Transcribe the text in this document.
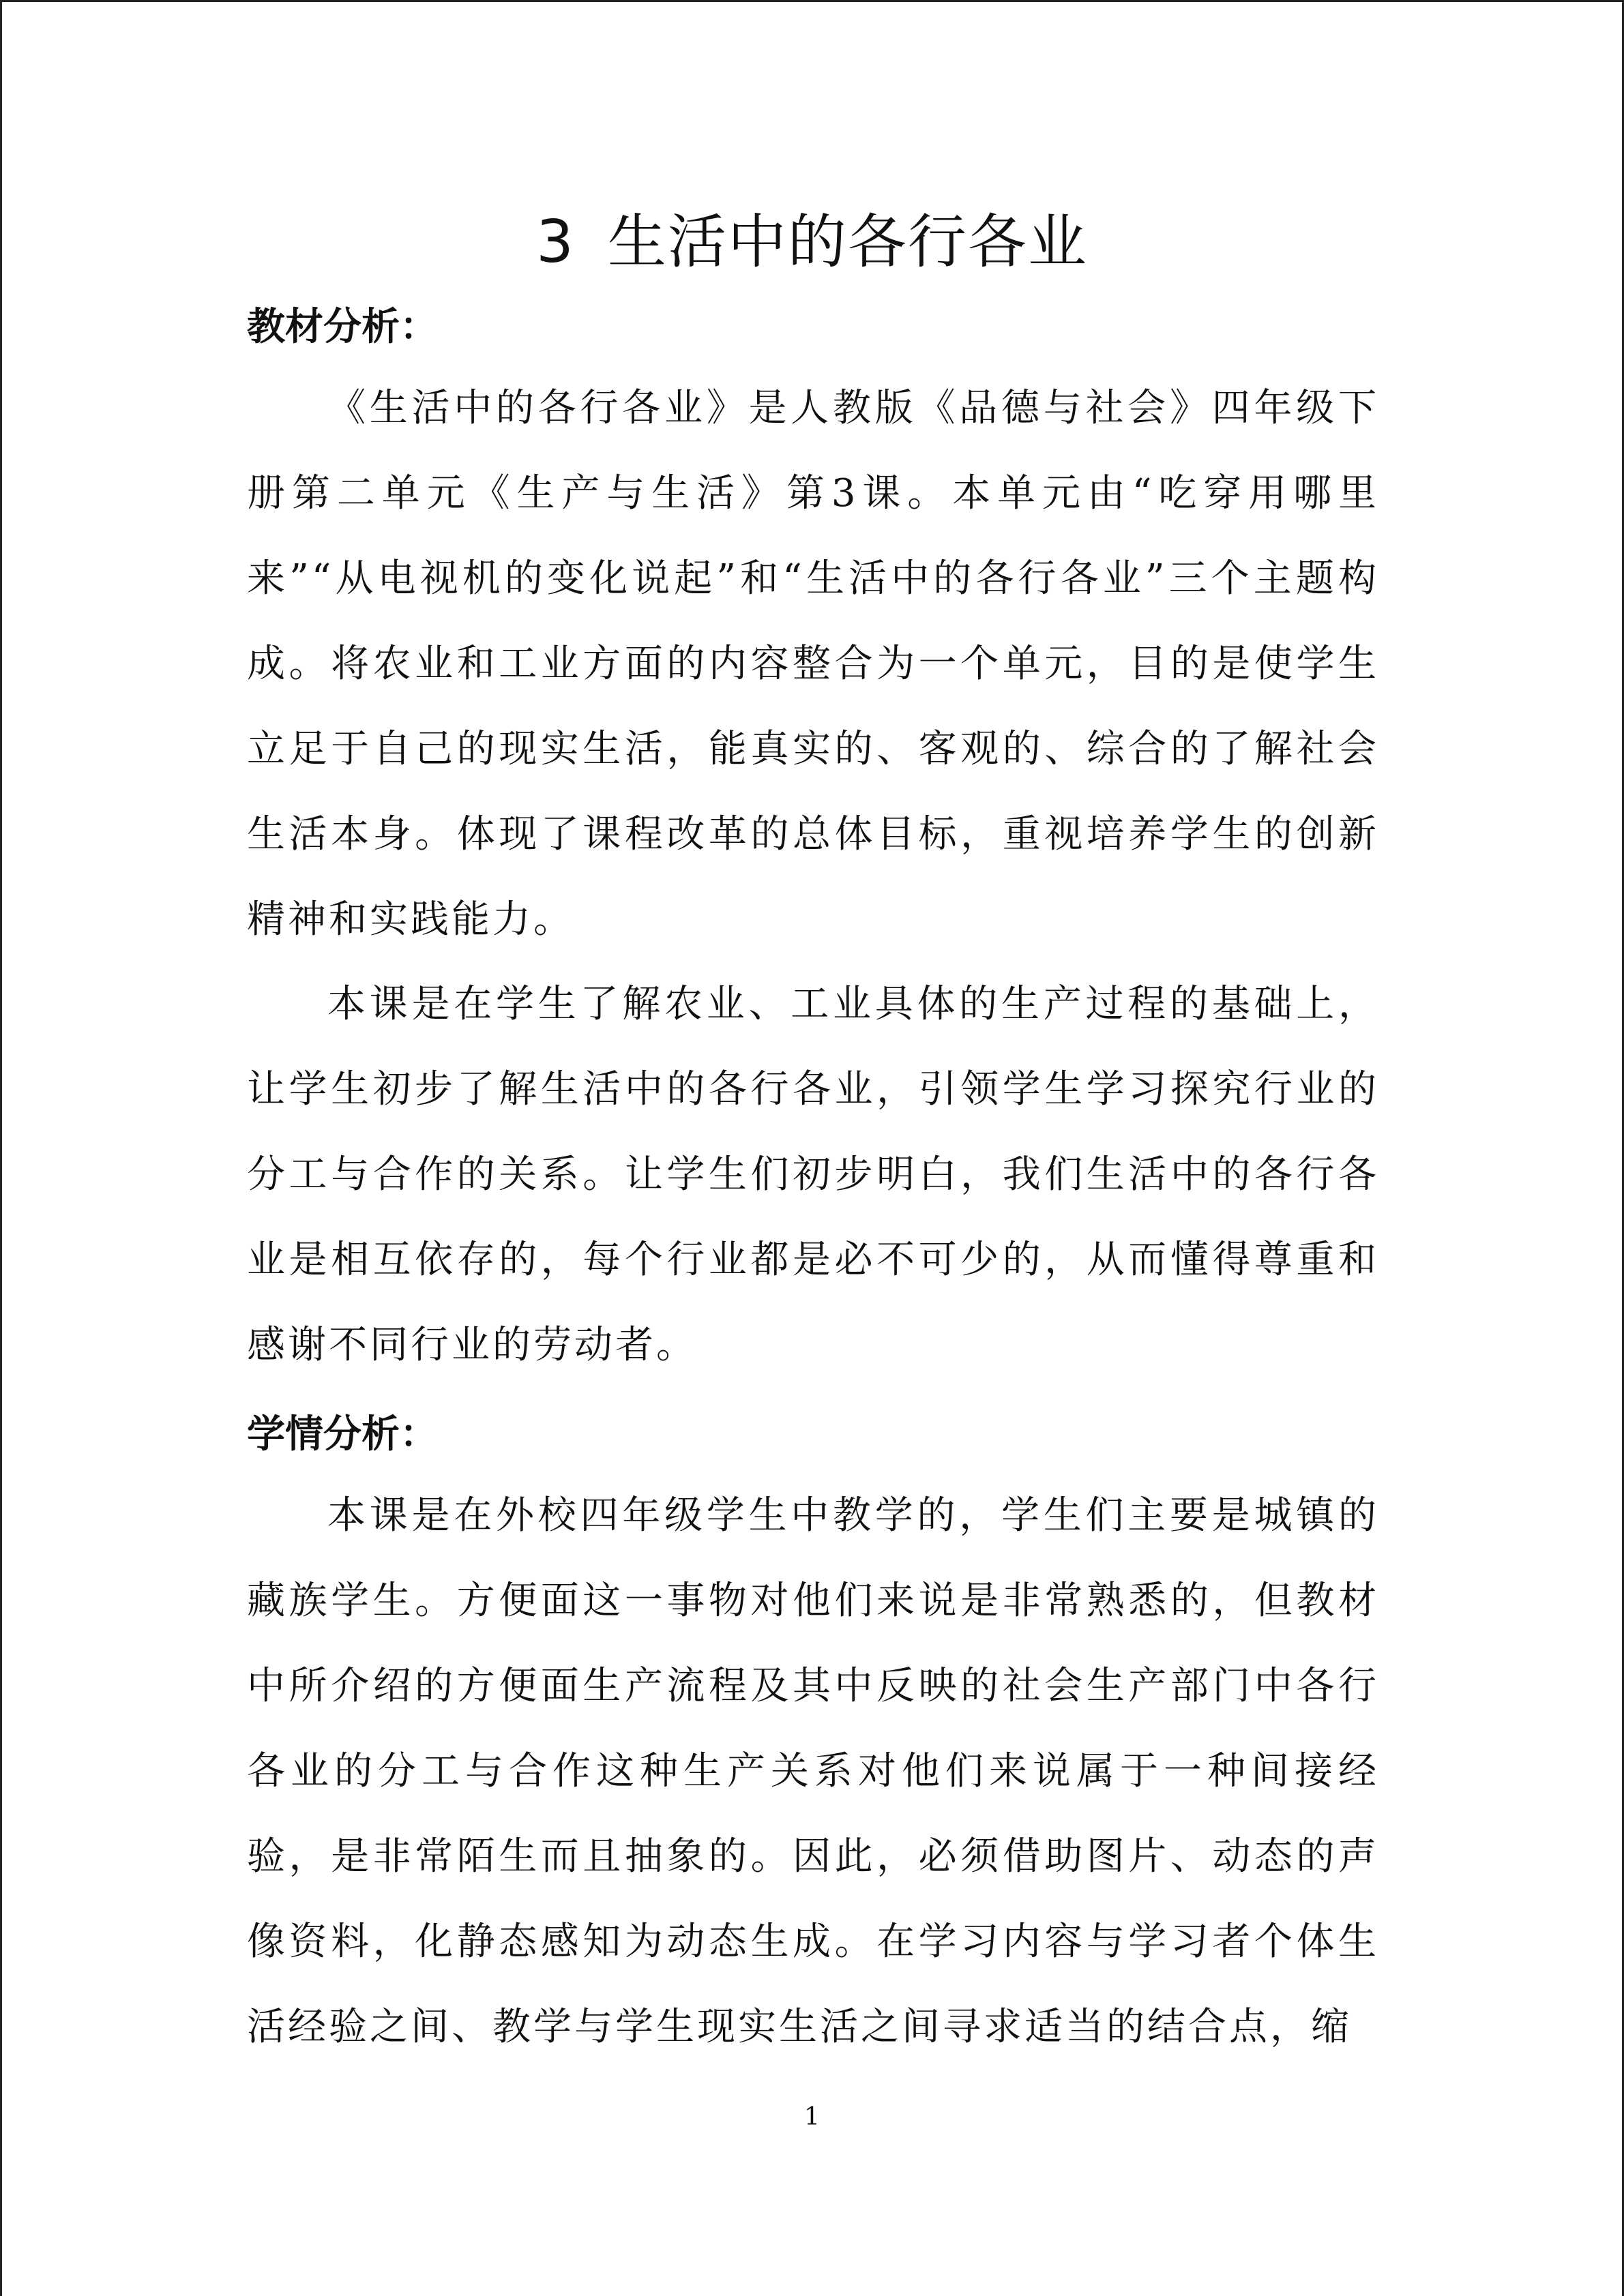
3 生活中的各行各业
教材分析：
《生活中的各行各业》是人教版《品德与社会》四年级下册第二单元《生产与生活》第3课。本单元由“吃穿用哪里来”“从电视机的变化说起”和“生活中的各行各业”三个主题构成。将农业和工业方面的内容整合为一个单元，目的是使学生立足于自己的现实生活，能真实的、客观的、综合的了解社会生活本身。体现了课程改革的总体目标，重视培养学生的创新精神和实践能力。
本课是在学生了解农业、工业具体的生产过程的基础上，让学生初步了解生活中的各行各业，引领学生学习探究行业的分工与合作的关系。让学生们初步明白，我们生活中的各行各业是相互依存的，每个行业都是必不可少的，从而懂得尊重和感谢不同行业的劳动者。
学情分析：
本课是在外校四年级学生中教学的，学生们主要是城镇的藏族学生。方便面这一事物对他们来说是非常熟悉的，但教材中所介绍的方便面生产流程及其中反映的社会生产部门中各行各业的分工与合作这种生产关系对他们来说属于一种间接经验，是非常陌生而且抽象的。因此，必须借助图片、动态的声像资料，化静态感知为动态生成。在学习内容与学习者个体生活经验之间、教学与学生现实生活之间寻求适当的结合点，缩
1
